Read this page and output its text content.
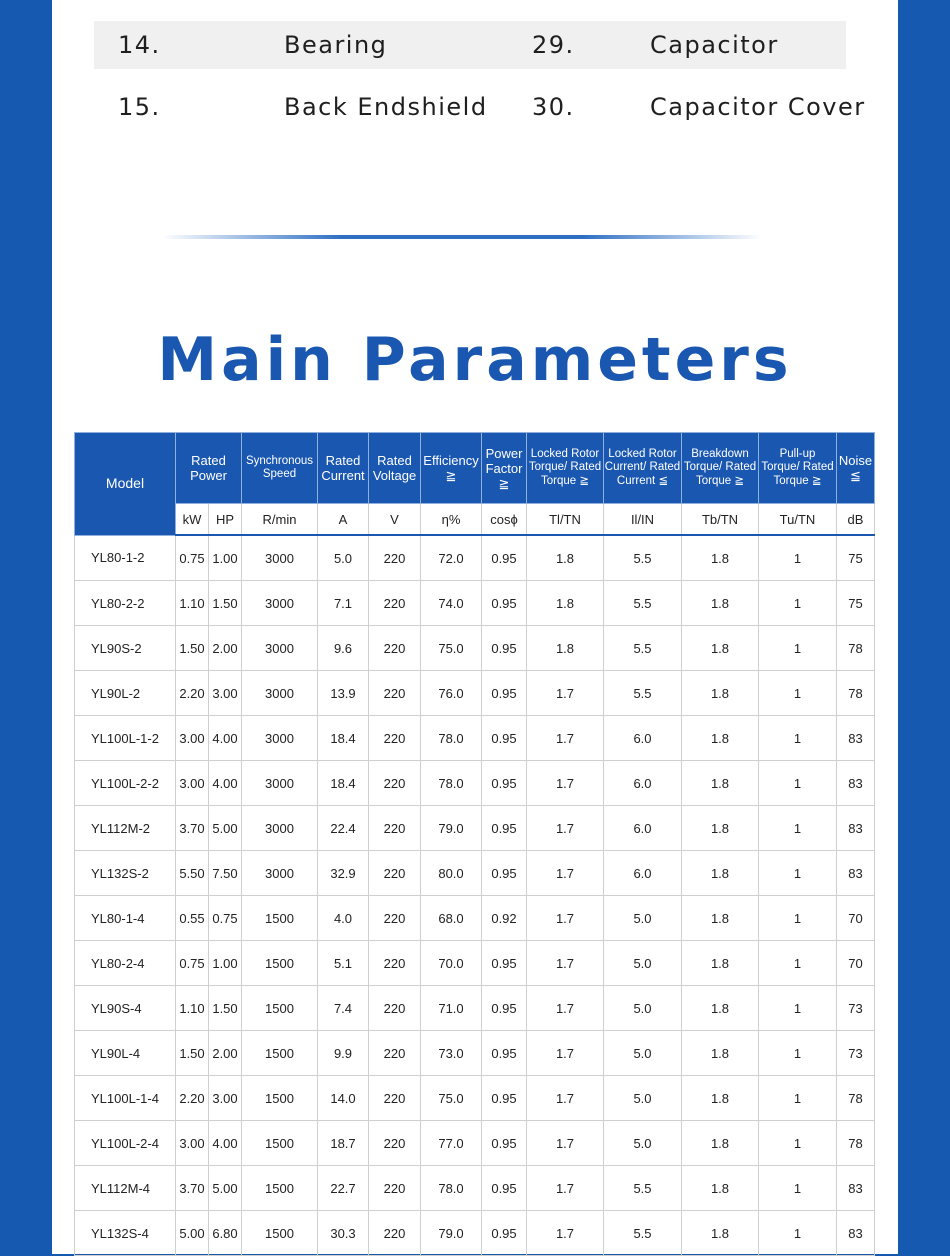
14.	Bearing	29.	Capacitor
15.	Back Endshield 30.	Capacitor Cover
Main Parameters
Model	Rated Power		Synchronous Speed	Rated Current	Rated Voltage	Efficiency ≧	Power Factor ≧	Locked Rotor Torque/ Rated Torque ≧	Locked Rotor Current/ Rated Current ≦	Breakdown Torque/ Rated Torque ≧	Pull-up Torque/ Rated Torque ≧	Noise ≦
	kW	HP	R/min	A	V	η%	cosϕ	Tl/TN	Il/IN	Tb/TN	Tu/TN	dB
YL80-1-2	0.75	1.00	3000	5.0	220	72.0	0.95	1.8	5.5	1.8	1	75
YL80-2-2	1.10	1.50	3000	7.1	220	74.0	0.95	1.8	5.5	1.8	1	75
YL90S-2	1.50	2.00	3000	9.6	220	75.0	0.95	1.8	5.5	1.8	1	78
YL90L-2	2.20	3.00	3000	13.9	220	76.0	0.95	1.7	5.5	1.8	1	78
YL100L-1-2	3.00	4.00	3000	18.4	220	78.0	0.95	1.7	6.0	1.8	1	83
YL100L-2-2	3.00	4.00	3000	18.4	220	78.0	0.95	1.7	6.0	1.8	1	83
YL112M-2	3.70	5.00	3000	22.4	220	79.0	0.95	1.7	6.0	1.8	1	83
YL132S-2	5.50	7.50	3000	32.9	220	80.0	0.95	1.7	6.0	1.8	1	83
YL80-1-4	0.55	0.75	1500	4.0	220	68.0	0.92	1.7	5.0	1.8	1	70
YL80-2-4	0.75	1.00	1500	5.1	220	70.0	0.95	1.7	5.0	1.8	1	70
YL90S-4	1.10	1.50	1500	7.4	220	71.0	0.95	1.7	5.0	1.8	1	73
YL90L-4	1.50	2.00	1500	9.9	220	73.0	0.95	1.7	5.0	1.8	1	73
YL100L-1-4	2.20	3.00	1500	14.0	220	75.0	0.95	1.7	5.0	1.8	1	78
YL100L-2-4	3.00	4.00	1500	18.7	220	77.0	0.95	1.7	5.0	1.8	1	78
YL112M-4	3.70	5.00	1500	22.7	220	78.0	0.95	1.7	5.5	1.8	1	83
YL132S-4	5.00	6.80	1500	30.3	220	79.0	0.95	1.7	5.5	1.8	1	83
